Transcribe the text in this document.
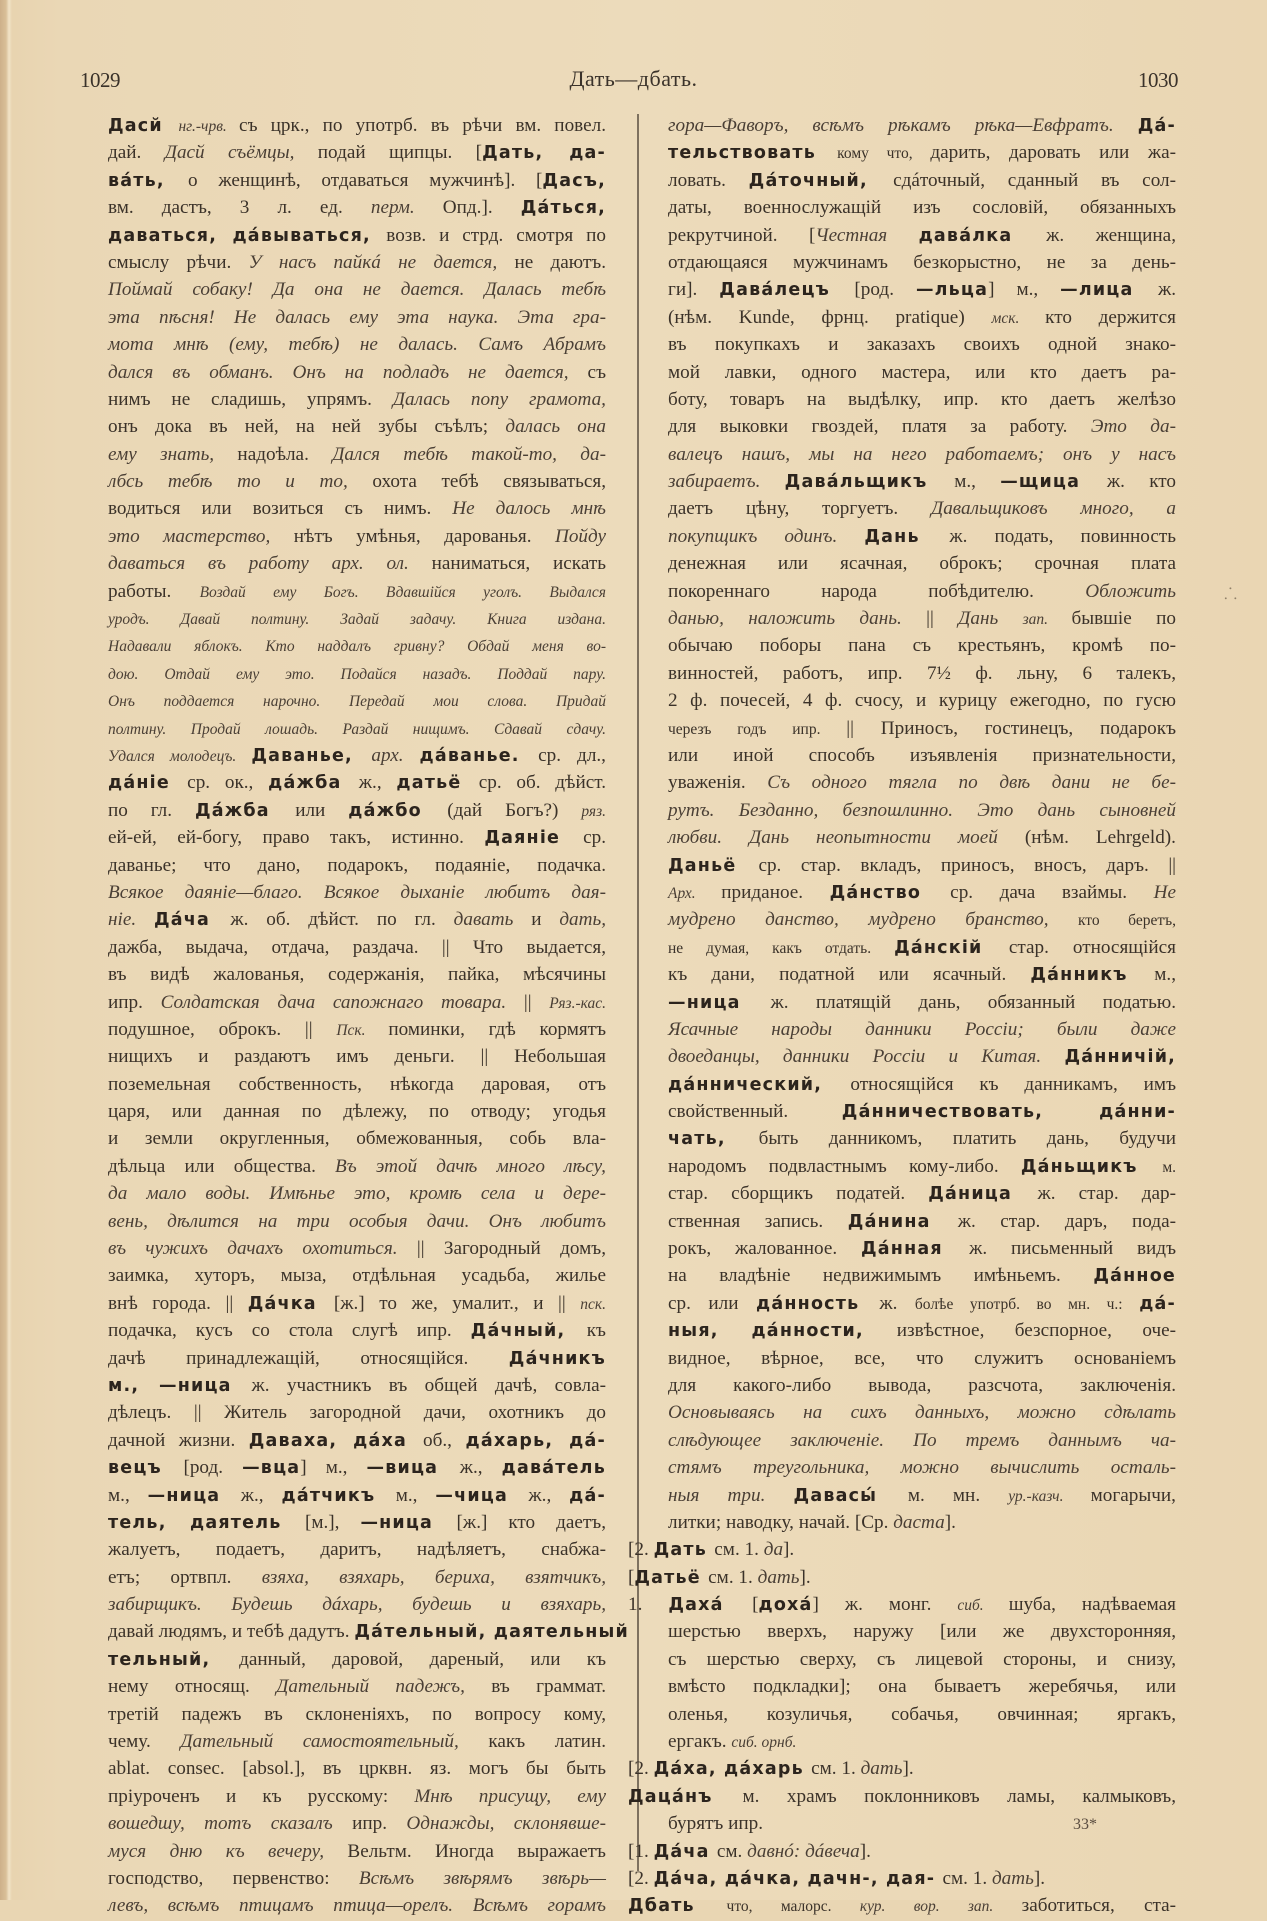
1029	Дать—дбать.	1030
Дасй нг.-чрв. съ црк., по употрб. въ рѣчи вм. повел.
дай. Дасй съёмцы, подай щипцы. [Дать, да-
вáть, о женщинѣ, отдаваться мужчинѣ]. [Дасъ,
вм. дастъ, 3 л. ед. перм. Опд.]. Дáться,
даваться, дáвываться, возв. и стрд. смотря по
смыслу рѣчи. У насъ пайкá не дается, не даютъ.
Поймай собаку! Да она не дается. Далась тебѣ
эта пѣсня! Не далась ему эта наука. Эта гра-
мота мнѣ (ему, тебѣ) не далась. Самъ Абрамъ
дался въ обманъ. Онъ на подладъ не дается, съ
нимъ не сладишь, упрямъ. Далась попу грамота,
онъ дока въ ней, на ней зубы съѣлъ; далась она
ему знать, надоѣла. Дался тебѣ такой-то, да-
лбсь тебѣ то и то, охота тебѣ связываться,
водиться или возиться съ нимъ. Не далось мнѣ
это мастерство, нѣтъ умѣнья, дарованья. Пойду
даваться въ работу арх. ол. наниматься, искать
работы. Воздай ему Богъ. Вдавшійся уголъ. Выдался
уродъ. Давай полтину. Задай задачу. Книга издана.
Надавали яблокъ. Кто наддалъ гривну? Обдай меня во-
дою. Отдай ему это. Подайся назадъ. Поддай пару.
Онъ поддается нарочно. Передай мои слова. Придай
полтину. Продай лошадь. Раздай нищимъ. Сдавай сдачу.
Удался молодецъ. Даванье, арх. дáванье. ср. дл.,
дáніе ср. ок., дáжба ж., датьё ср. об. дѣйст.
по гл. Дáжба или дáжбо (дай Богъ?) ряз.
ей-ей, ей-богу, право такъ, истинно. Даяніе ср.
даванье; что дано, подарокъ, подаяніе, подачка.
Всякое даяніе—благо. Всякое дыханіе любитъ дая-
ніе. Дáча ж. об. дѣйст. по гл. давать и дать,
дажба, выдача, отдача, раздача. || Что выдается,
въ видѣ жалованья, содержанія, пайка, мѣсячины
ипр. Солдатская дача сапожнаго товара. || Ряз.-кас.
подушное, оброкъ. || Пск. поминки, гдѣ кормятъ
нищихъ и раздаютъ имъ деньги. || Небольшая
поземельная собственность, нѣкогда даровая, отъ
царя, или данная по дѣлежу, по отводу; угодья
и земли округленныя, обмежованныя, собь вла-
дѣльца или общества. Въ этой дачѣ много лѣсу,
да мало воды. Имѣнье это, кромѣ села и дере-
вень, дѣлится на три особыя дачи. Онъ любитъ
въ чужихъ дачахъ охотиться. || Загородный домъ,
заимка, хуторъ, мыза, отдѣльная усадьба, жилье
внѣ города. || Дáчка [ж.] то же, умалит., и || пск.
подачка, кусъ со стола слугѣ ипр. Дáчный, къ
дачѣ принадлежащій, относящійся. Дáчникъ
м., —ница ж. участникъ въ общей дачѣ, совла-
дѣлецъ. || Житель загородной дачи, охотникъ до
дачной жизни. Даваха, дáха об., дáхарь, дá-
вецъ [род. —вца] м., —вица ж., давáтель
м., —ница ж., дáтчикъ м., —чица ж., дá-
тель, даятель [м.], —ница [ж.] кто даетъ,
жалуетъ, подаетъ, даритъ, надѣляетъ, снабжа-
етъ; ортвпл. взяха, взяхарь, бериха, взятчикъ,
забирщикъ. Будешь дáхарь, будешь и взяхарь,
давай людямъ, и тебѣ дадутъ. Дáтельный, даятельный
тельный, данный, даровой, дареный, или къ
нему относящ. Дательный падежъ, въ граммат.
третій падежъ въ склоненіяхъ, по вопросу кому,
чему. Дательный самостоятельный, какъ латин.
ablat. consec. [absol.], въ црквн. яз. могъ бы быть
пріуроченъ и къ русскому: Мнѣ присущу, ему
вошедшу, тотъ сказалъ ипр. Однажды, склонявше-
муся дню къ вечеру, Вельтм. Иногда выражаетъ
господство, первенство: Всѣмъ звѣрямъ звѣрь—
левъ, всѣмъ птицамъ птица—орелъ. Всѣмъ горамъ
гора—Фаворъ, всѣмъ рѣкамъ рѣка—Евфратъ. Дá-
тельствовать кому что, дарить, даровать или жа-
ловать. Дáточный, сдáточный, сданный въ сол-
даты, военнослужащій изъ сословій, обязанныхъ
рекрутчиной. [Честная давáлка ж. женщина,
отдающаяся мужчинамъ безкорыстно, не за день-
ги]. Давáлецъ [род. —льца] м., —лица ж.
(нѣм. Kunde, фрнц. pratique) мск. кто держится
въ покупкахъ и заказахъ своихъ одной знако-
мой лавки, одного мастера, или кто даетъ ра-
боту, товаръ на выдѣлку, ипр. кто даетъ желѣзо
для выковки гвоздей, платя за работу. Это да-
валецъ нашъ, мы на него работаемъ; онъ у насъ
забираетъ. Давáльщикъ м., —щица ж. кто
даетъ цѣну, торгуетъ. Давальщиковъ много, а
покупщикъ одинъ. Дань ж. подать, повинность
денежная или ясачная, оброкъ; срочная плата
покореннаго народа побѣдителю. Обложить
данью, наложить дань. || Дань зап. бывшіе по
обычаю поборы пана съ крестьянъ, кромѣ по-
винностей, работъ, ипр. 7½ ф. льну, 6 талекъ,
2 ф. почесей, 4 ф. счосу, и курицу ежегодно, по гусю
черезъ годъ ипр. || Приносъ, гостинецъ, подарокъ
или иной способъ изъявленія признательности,
уваженія. Съ одного тягла по двѣ дани не бе-
рутъ. Безданно, безпошлинно. Это дань сыновней
любви. Дань неопытности моей (нѣм. Lehrgeld).
Даньё ср. стар. вкладъ, приносъ, вносъ, даръ. ||
Арх. приданое. Дáнство ср. дача взаймы. Не
мудрено данство, мудрено бранство, кто беретъ,
не думая, какъ отдать. Дáнскій стар. относящійся
къ дани, податной или ясачный. Дáнникъ м.,
—ница ж. платящій дань, обязанный податью.
Ясачные народы данники Россіи; были даже
двоеданцы, данники Россіи и Китая. Дáнничій,
дáннический, относящійся къ данникамъ, имъ
свойственный. Дáнничествовать, дáнни-
чать, быть данникомъ, платить дань, будучи
народомъ подвластнымъ кому-либо. Дáньщикъ м.
стар. сборщикъ податей. Дáница ж. стар. дар-
ственная запись. Дáнина ж. стар. даръ, пода-
рокъ, жалованное. Дáнная ж. письменный видъ
на владѣніе недвижимымъ имѣньемъ. Дáнное
ср. или дáнность ж. болѣе употрб. во мн. ч.: дá-
ныя, дáнности, извѣстное, безспорное, оче-
видное, вѣрное, все, что служитъ основаніемъ
для какого-либо вывода, разсчота, заключенія.
Основываясь на сихъ данныхъ, можно сдѣлать
слѣдующее заключеніе. По тремъ даннымъ ча-
стямъ треугольника, можно вычислить осталь-
ныя три. Давасы́ м. мн. ур.-казч. могарычи,
литки; наводку, начай. [Ср. даста].
[2. Дать см. 1. да].
[Датьё см. 1. дать].
1. Дахá [дохá] ж. монг. сиб. шуба, надѣваемая
шерстью вверхъ, наружу [или же двухсторонняя,
съ шерстью сверху, съ лицевой стороны, и снизу,
вмѣсто подкладки]; она бываетъ жеребячья, или
оленья, козуличья, собачья, овчинная; яргакъ,
ергакъ. сиб. орнб.
[2. Дáха, дáхарь см. 1. дать].
Дацáнъ м. храмъ поклонниковъ ламы, калмыковъ,
бурятъ ипр.
[1. Дáча см. давнó: дáвеча].
[2. Дáча, дáчка, дачн-, дая- см. 1. дать].
Дбать что, малорс. кур. вор. зап. заботиться, ста-
⸫
33*
